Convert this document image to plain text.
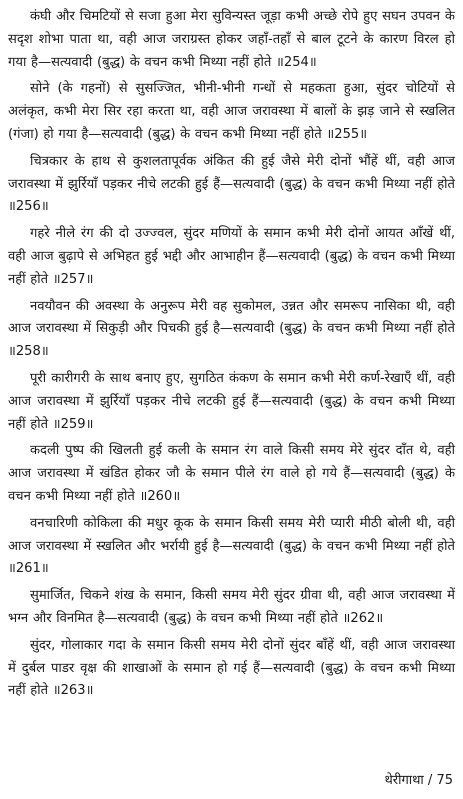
कंघी और चिमटियों से सजा हुआ मेरा सुविन्यस्त जूड़ा कभी अच्छे रोपे हुए सघन उपवन के सदृश शोभा पाता था, वही आज जराग्रस्त होकर जहाँ-तहाँ से बाल टूटने के कारण विरल हो गया है—सत्यवादी (बुद्ध) के वचन कभी मिथ्या नहीं होते ॥254॥

सोने (के गहनों) से सुसज्जित, भीनी-भीनी गन्धों से महकता हुआ, सुंदर चोटियों से अलंकृत, कभी मेरा सिर रहा करता था, वही आज जरावस्था में बालों के झड़ जाने से स्खलित (गंजा) हो गया है—सत्यवादी (बुद्ध) के वचन कभी मिथ्या नहीं होते ॥255॥

चित्रकार के हाथ से कुशलतापूर्वक अंकित की हुई जैसे मेरी दोनों भौंहें थीं, वही आज जरावस्था में झुर्रियाँ पड़कर नीचे लटकी हुई हैं—सत्यवादी (बुद्ध) के वचन कभी मिथ्या नहीं होते ॥256॥

गहरे नीले रंग की दो उज्ज्वल, सुंदर मणियों के समान कभी मेरी दोनों आयत आँखें थीं, वही आज बुढ़ापे से अभिहत हुई भद्दी और आभाहीन हैं—सत्यवादी (बुद्ध) के वचन कभी मिथ्या नहीं होते ॥257॥

नवयौवन की अवस्था के अनुरूप मेरी वह सुकोमल, उन्नत और समरूप नासिका थी, वही आज जरावस्था में सिकुड़ी और पिचकी हुई है—सत्यवादी (बुद्ध) के वचन कभी मिथ्या नहीं होते ॥258॥

पूरी कारीगरी के साथ बनाए हुए, सुगठित कंकण के समान कभी मेरी कर्ण-रेखाएँ थीं, वही आज जरावस्था में झुर्रियाँ पड़कर नीचे लटकी हुई हैं—सत्यवादी (बुद्ध) के वचन कभी मिथ्या नहीं होते ॥259॥

कदली पुष्प की खिलती हुई कली के समान रंग वाले किसी समय मेरे सुंदर दाँत थे, वही आज जरावस्था में खंडित होकर जौ के समान पीले रंग वाले हो गये हैं—सत्यवादी (बुद्ध) के वचन कभी मिथ्या नहीं होते ॥260॥

वनचारिणी कोकिला की मधुर कूक के समान किसी समय मेरी प्यारी मीठी बोली थी, वही आज जरावस्था में स्खलित और भर्रायी हुई है—सत्यवादी (बुद्ध) के वचन कभी मिथ्या नहीं होते ॥261॥

सुमार्जित, चिकने शंख के समान, किसी समय मेरी सुंदर ग्रीवा थी, वही आज जरावस्था में भग्न और विनमित है—सत्यवादी (बुद्ध) के वचन कभी मिथ्या नहीं होते ॥262॥

सुंदर, गोलाकार गदा के समान किसी समय मेरी दोनों सुंदर बाँहें थीं, वही आज जरावस्था में दुर्बल पाडर वृक्ष की शाखाओं के समान हो गई हैं—सत्यवादी (बुद्ध) के वचन कभी मिथ्या नहीं होते ॥263॥

थेरीगाथा / 75
